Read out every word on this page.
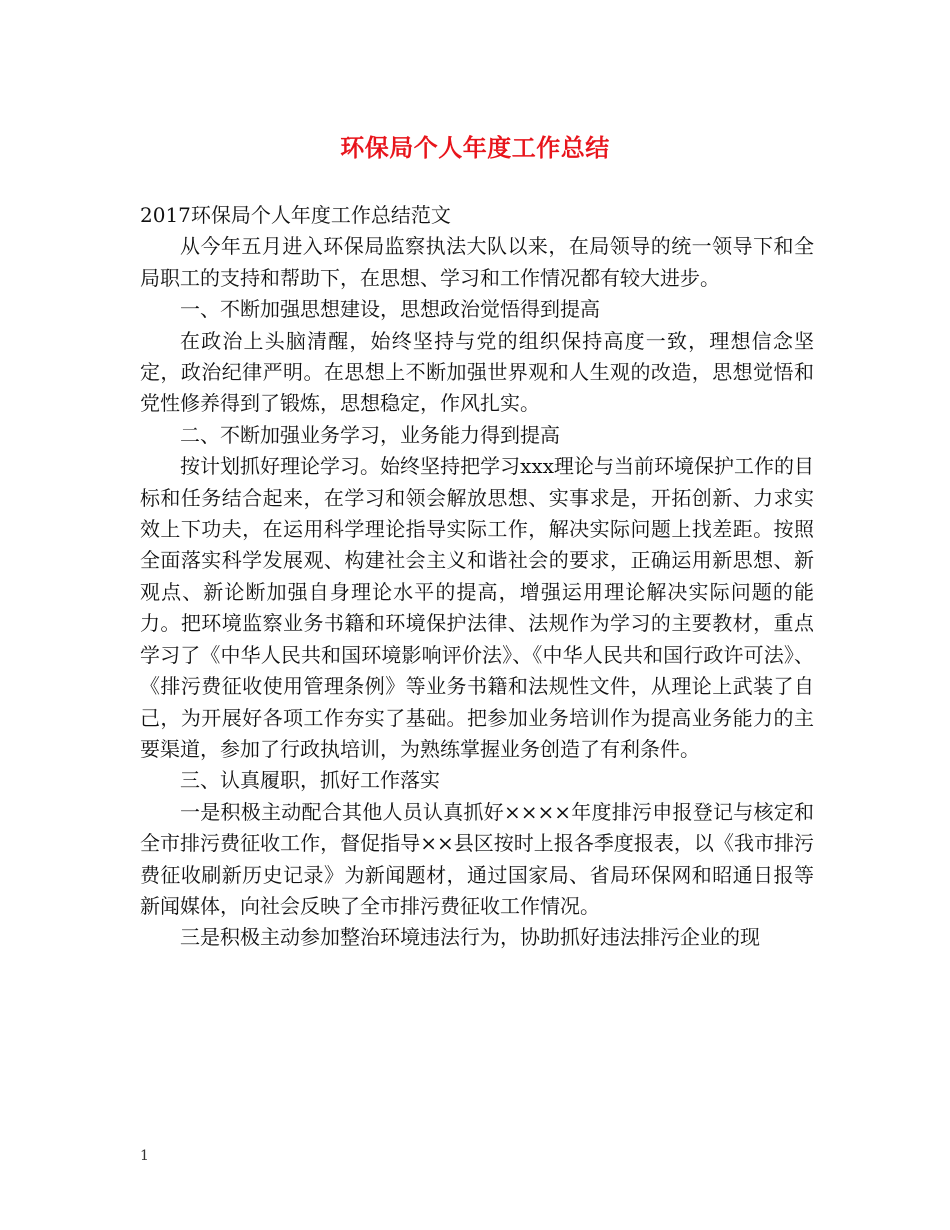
环保局个人年度工作总结

2017环保局个人年度工作总结范文

从今年五月进入环保局监察执法大队以来，在局领导的统一领导下和全局职工的支持和帮助下，在思想、学习和工作情况都有较大进步。

一、不断加强思想建设，思想政治觉悟得到提高

在政治上头脑清醒，始终坚持与党的组织保持高度一致，理想信念坚定，政治纪律严明。在思想上不断加强世界观和人生观的改造，思想觉悟和党性修养得到了锻炼，思想稳定，作风扎实。

二、不断加强业务学习，业务能力得到提高

按计划抓好理论学习。始终坚持把学习xxx理论与当前环境保护工作的目标和任务结合起来，在学习和领会解放思想、实事求是，开拓创新、力求实效上下功夫，在运用科学理论指导实际工作，解决实际问题上找差距。按照全面落实科学发展观、构建社会主义和谐社会的要求，正确运用新思想、新观点、新论断加强自身理论水平的提高，增强运用理论解决实际问题的能力。把环境监察业务书籍和环境保护法律、法规作为学习的主要教材，重点学习了《中华人民共和国环境影响评价法》、《中华人民共和国行政许可法》、《排污费征收使用管理条例》等业务书籍和法规性文件，从理论上武装了自己，为开展好各项工作夯实了基础。把参加业务培训作为提高业务能力的主要渠道，参加了行政执培训，为熟练掌握业务创造了有利条件。

三、认真履职，抓好工作落实

一是积极主动配合其他人员认真抓好××××年度排污申报登记与核定和全市排污费征收工作，督促指导××县区按时上报各季度报表，以《我市排污费征收刷新历史记录》为新闻题材，通过国家局、省局环保网和昭通日报等新闻媒体，向社会反映了全市排污费征收工作情况。

三是积极主动参加整治环境违法行为，协助抓好违法排污企业的现

1
